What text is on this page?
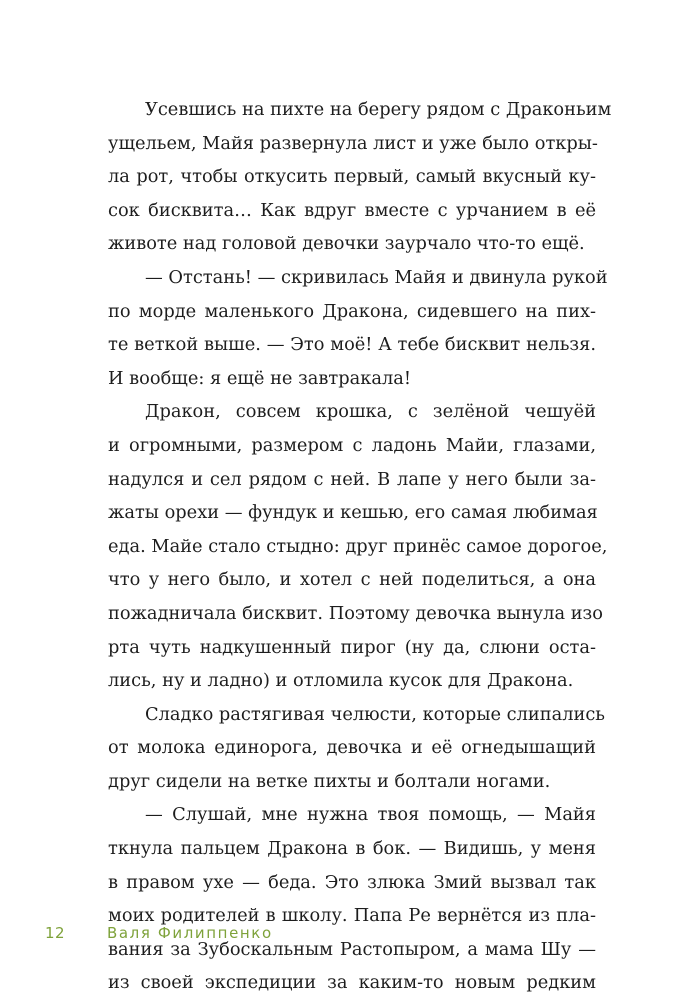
Усевшись на пихте на берегу рядом с Драконьим
ущельем, Майя развернула лист и уже было откры-
ла рот, чтобы откусить первый, самый вкусный ку-
сок бисквита… Как вдруг вместе с урчанием в её
животе над головой девочки заурчало что-то ещё.
— Отстань! — скривилась Майя и двинула рукой
по морде маленького Дракона, сидевшего на пих-
те веткой выше. — Это моё! А тебе бисквит нельзя.
И вообще: я ещё не завтракала!
Дракон, совсем крошка, с зелёной чешуёй
и огромными, размером с ладонь Майи, глазами,
надулся и сел рядом с ней. В лапе у него были за-
жаты орехи — фундук и кешью, его самая любимая
еда. Майе стало стыдно: друг принёс самое дорогое,
что у него было, и хотел с ней поделиться, а она
пожадничала бисквит. Поэтому девочка вынула изо
рта чуть надкушенный пирог (ну да, слюни оста-
лись, ну и ладно) и отломила кусок для Дракона.
Сладко растягивая челюсти, которые слипались
от молока единорога, девочка и её огнедышащий
друг сидели на ветке пихты и болтали ногами.
— Слушай, мне нужна твоя помощь, — Майя
ткнула пальцем Дракона в бок. — Видишь, у меня
в правом ухе — беда. Это злюка Змий вызвал так
моих родителей в школу. Папа Ре вернётся из пла-
вания за Зубоскальным Растопыром, а мама Шу —
из своей экспедиции за каким-то новым редким
12	Валя Филиппенко
